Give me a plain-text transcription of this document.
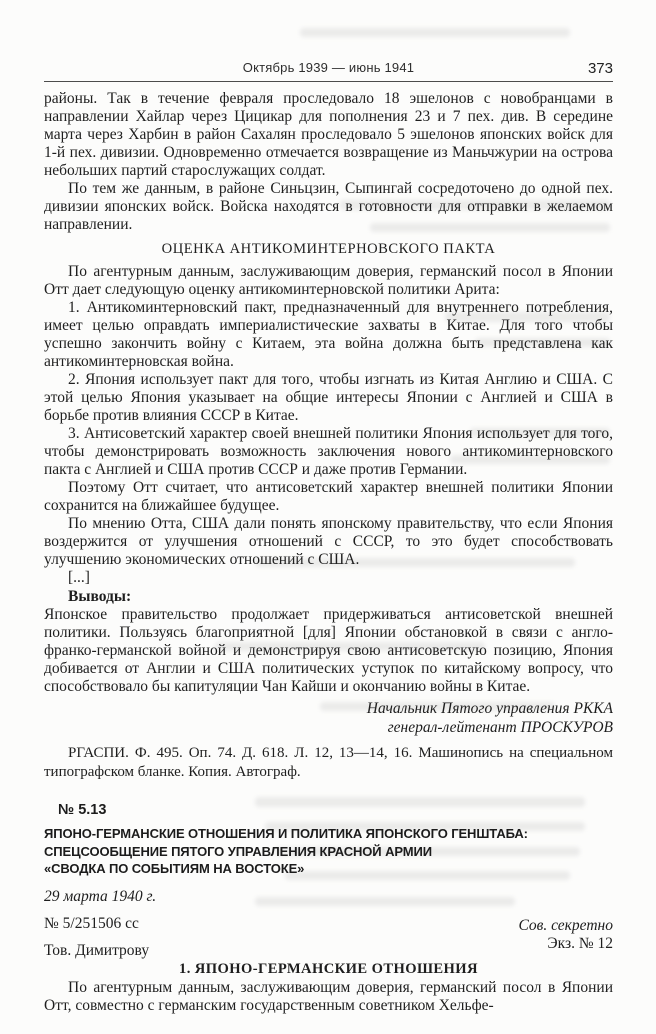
Октябрь 1939 — июнь 1941	373

районы. Так в течение февраля проследовало 18 эшелонов с новобранцами в направлении Хайлар через Цицикар для пополнения 23 и 7 пех. див. В середине марта через Харбин в район Сахалян проследовало 5 эшелонов японских войск для 1-й пех. дивизии. Одновременно отмечается возвращение из Маньчжурии на острова небольших партий старослужащих солдат.

По тем же данным, в районе Синьцзин, Сыпингай сосредоточено до одной пех. дивизии японских войск. Войска находятся в готовности для отправки в желаемом направлении.

ОЦЕНКА АНТИКОМИНТЕРНОВСКОГО ПАКТА

По агентурным данным, заслуживающим доверия, германский посол в Японии Отт дает следующую оценку антикоминтерновской политики Арита:

1. Антикоминтерновский пакт, предназначенный для внутреннего потребления, имеет целью оправдать империалистические захваты в Китае. Для того чтобы успешно закончить войну с Китаем, эта война должна быть представлена как антикоминтерновская война.

2. Япония использует пакт для того, чтобы изгнать из Китая Англию и США. С этой целью Япония указывает на общие интересы Японии с Англией и США в борьбе против влияния СССР в Китае.

3. Антисоветский характер своей внешней политики Япония использует для того, чтобы демонстрировать возможность заключения нового антикоминтерновского пакта с Англией и США против СССР и даже против Германии.

Поэтому Отт считает, что антисоветский характер внешней политики Японии сохранится на ближайшее будущее.

По мнению Отта, США дали понять японскому правительству, что если Япония воздержится от улучшения отношений с СССР, то это будет способствовать улучшению экономических отношений с США.

[...]

Выводы:

Японское правительство продолжает придерживаться антисоветской внешней политики. Пользуясь благоприятной [для] Японии обстановкой в связи с англо-франко-германской войной и демонстрируя свою антисоветскую позицию, Япония добивается от Англии и США политических уступок по китайскому вопросу, что способствовало бы капитуляции Чан Кайши и окончанию войны в Китае.

Начальник Пятого управления РККА
генерал-лейтенант ПРОСКУРОВ

РГАСПИ. Ф. 495. Оп. 74. Д. 618. Л. 12, 13—14, 16. Машинопись на специальном типографском бланке. Копия. Автограф.

№ 5.13
ЯПОНО-ГЕРМАНСКИЕ ОТНОШЕНИЯ И ПОЛИТИКА ЯПОНСКОГО ГЕНШТАБА:
СПЕЦСООБЩЕНИЕ ПЯТОГО УПРАВЛЕНИЯ КРАСНОЙ АРМИИ
«СВОДКА ПО СОБЫТИЯМ НА ВОСТОКЕ»
29 марта 1940 г.
№ 5/251506 сс
Тов. Димитрову
Сов. секретно
Экз. № 12
1. ЯПОНО-ГЕРМАНСКИЕ ОТНОШЕНИЯ

По агентурным данным, заслуживающим доверия, германский посол в Японии Отт, совместно с германским государственным советником Хельфе-
